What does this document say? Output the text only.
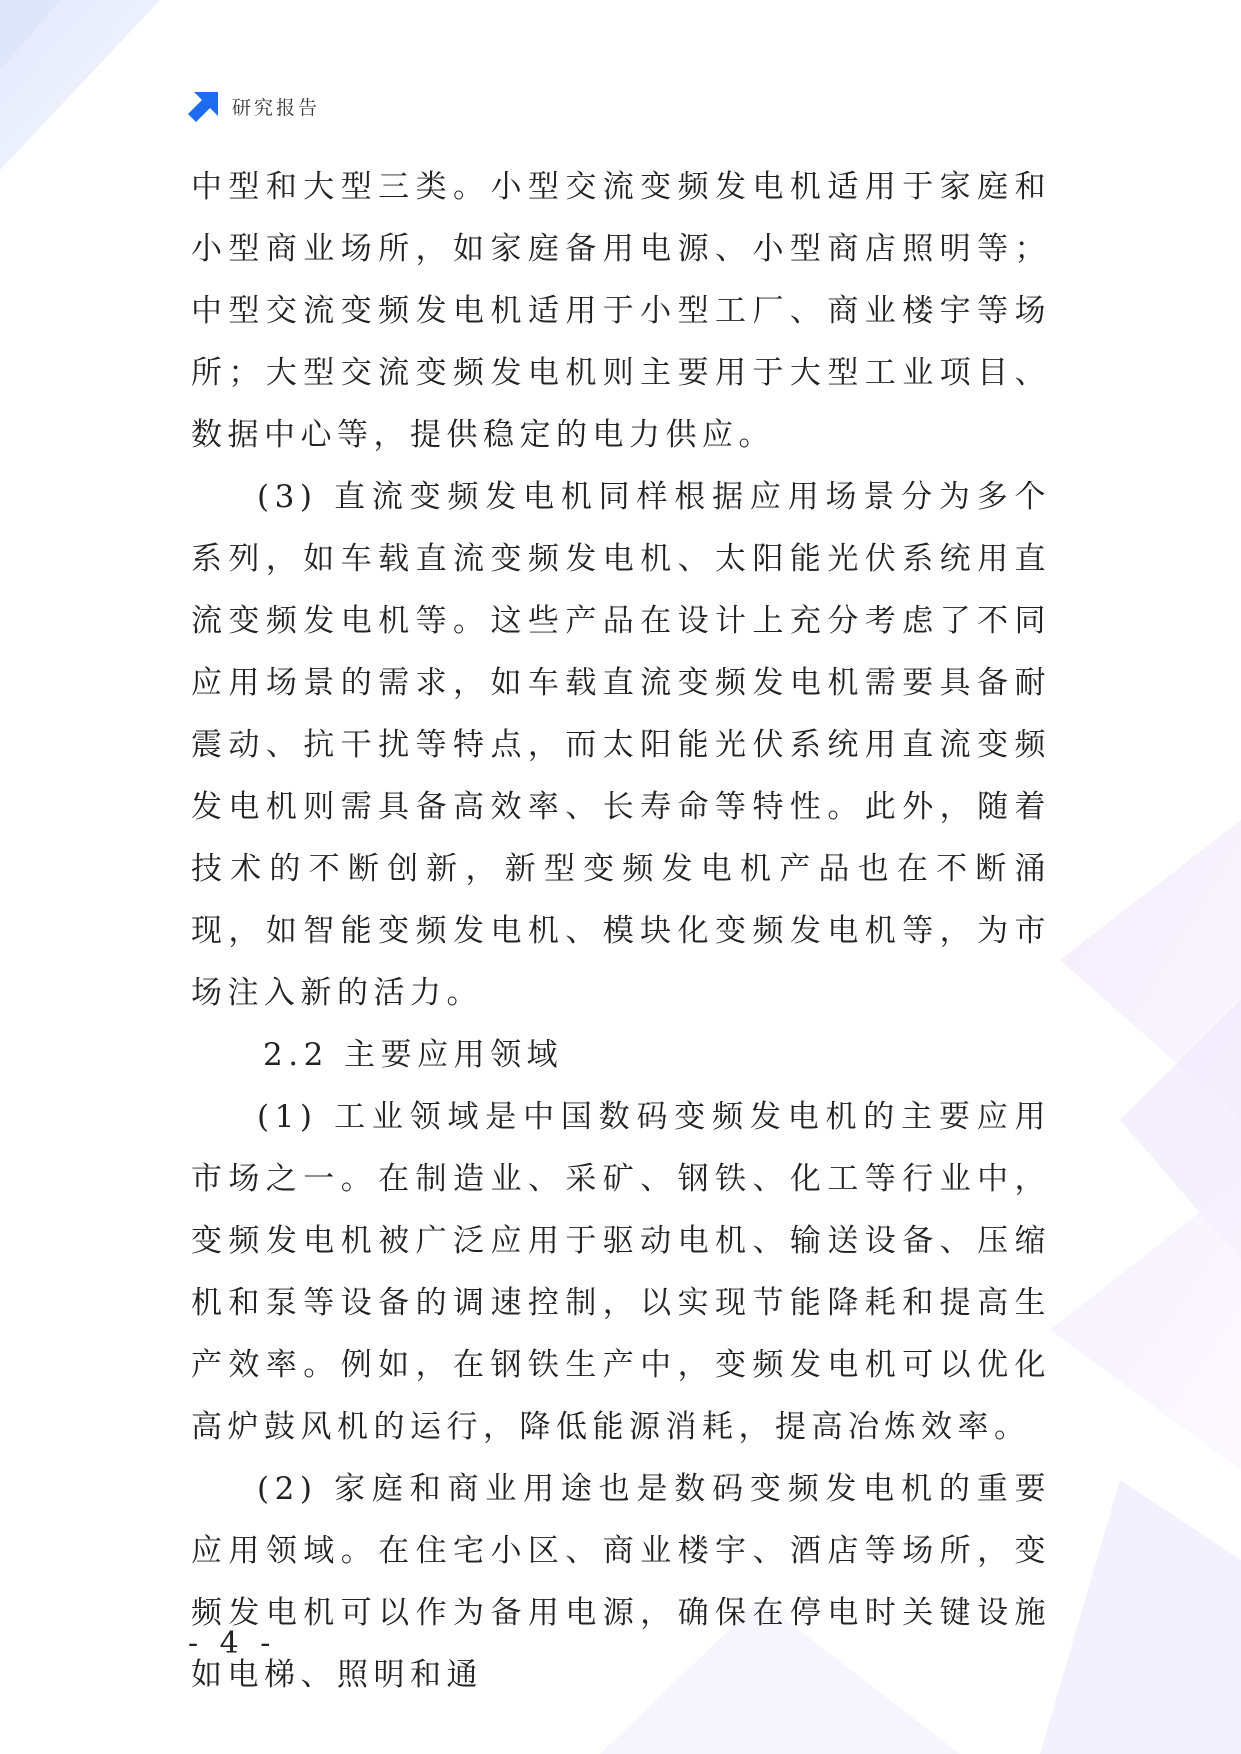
研究报告

中型和大型三类。小型交流变频发电机适用于家庭和小型商业场所，如家庭备用电源、小型商店照明等；中型交流变频发电机适用于小型工厂、商业楼宇等场所；大型交流变频发电机则主要用于大型工业项目、数据中心等，提供稳定的电力供应。

(3) 直流变频发电机同样根据应用场景分为多个系列，如车载直流变频发电机、太阳能光伏系统用直流变频发电机等。这些产品在设计上充分考虑了不同应用场景的需求，如车载直流变频发电机需要具备耐震动、抗干扰等特点，而太阳能光伏系统用直流变频发电机则需具备高效率、长寿命等特性。此外，随着技术的不断创新，新型变频发电机产品也在不断涌现，如智能变频发电机、模块化变频发电机等，为市场注入新的活力。

2.2 主要应用领域

(1) 工业领域是中国数码变频发电机的主要应用市场之一。在制造业、采矿、钢铁、化工等行业中，变频发电机被广泛应用于驱动电机、输送设备、压缩机和泵等设备的调速控制，以实现节能降耗和提高生产效率。例如，在钢铁生产中，变频发电机可以优化高炉鼓风机的运行，降低能源消耗，提高冶炼效率。

(2) 家庭和商业用途也是数码变频发电机的重要应用领域。在住宅小区、商业楼宇、酒店等场所，变频发电机可以作为备用电源，确保在停电时关键设施如电梯、照明和通

- 4 -
